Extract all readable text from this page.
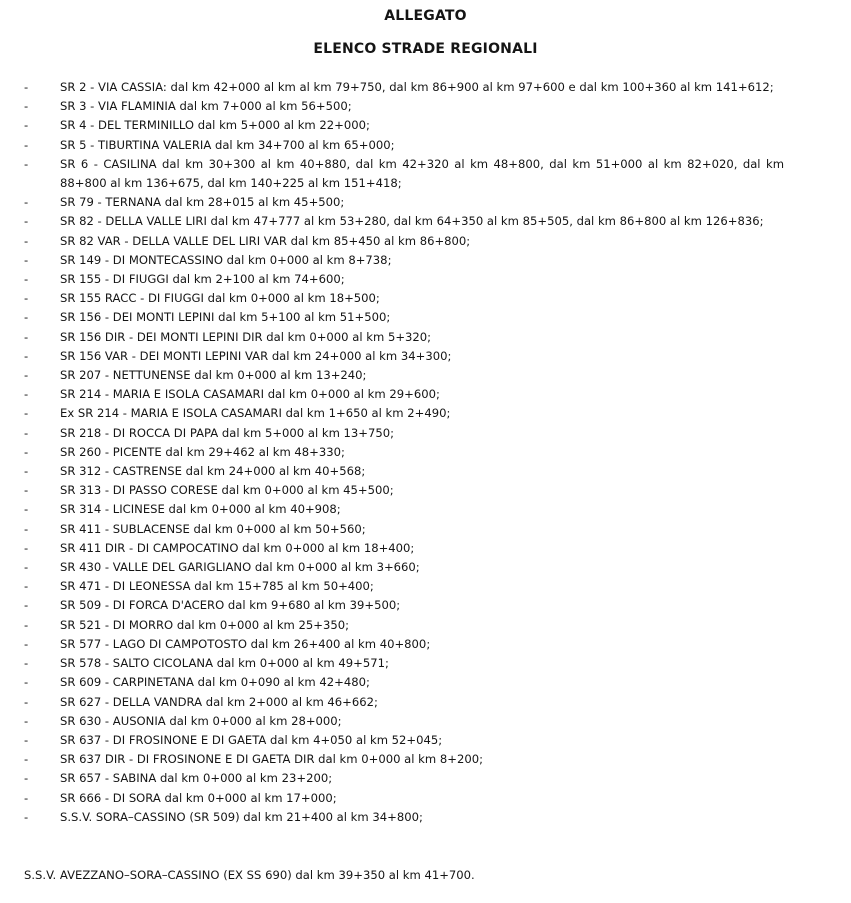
ALLEGATO
ELENCO STRADE REGIONALI
-	SR 2 - VIA CASSIA: dal km 42+000 al km al km 79+750, dal km 86+900 al km 97+600 e dal km 100+360 al km 141+612;
-	SR 3 - VIA FLAMINIA dal km 7+000 al km 56+500;
-	SR 4 - DEL TERMINILLO dal km 5+000 al km 22+000;
-	SR 5 - TIBURTINA VALERIA dal km 34+700 al km 65+000;
-	SR 6 - CASILINA dal km 30+300 al km 40+880, dal km 42+320 al km 48+800, dal km 51+000 al km 82+020, dal km 88+800 al km 136+675, dal km 140+225 al km 151+418;
-	SR 79 - TERNANA dal km 28+015 al km 45+500;
-	SR 82 - DELLA VALLE LIRI dal km 47+777 al km 53+280, dal km 64+350 al km 85+505, dal km 86+800 al km 126+836;
-	SR 82 VAR - DELLA VALLE DEL LIRI VAR dal km 85+450 al km 86+800;
-	SR 149 - DI MONTECASSINO dal km 0+000 al km 8+738;
-	SR 155 - DI FIUGGI dal km 2+100 al km 74+600;
-	SR 155 RACC - DI FIUGGI dal km 0+000 al km 18+500;
-	SR 156 - DEI MONTI LEPINI dal km 5+100 al km 51+500;
-	SR 156 DIR - DEI MONTI LEPINI DIR dal km 0+000 al km 5+320;
-	SR 156 VAR - DEI MONTI LEPINI VAR dal km 24+000 al km 34+300;
-	SR 207 - NETTUNENSE dal km 0+000 al km 13+240;
-	SR 214 - MARIA E ISOLA CASAMARI dal km 0+000 al km 29+600;
-	Ex SR 214 - MARIA E ISOLA CASAMARI dal km 1+650 al km 2+490;
-	SR 218 - DI ROCCA DI PAPA dal km 5+000 al km 13+750;
-	SR 260 - PICENTE dal km 29+462 al km 48+330;
-	SR 312 - CASTRENSE dal km 24+000 al km 40+568;
-	SR 313 - DI PASSO CORESE dal km 0+000 al km 45+500;
-	SR 314 - LICINESE dal km 0+000 al km 40+908;
-	SR 411 - SUBLACENSE dal km 0+000 al km 50+560;
-	SR 411 DIR - DI CAMPOCATINO dal km 0+000 al km 18+400;
-	SR 430 - VALLE DEL GARIGLIANO dal km 0+000 al km 3+660;
-	SR 471 - DI LEONESSA dal km 15+785 al km 50+400;
-	SR 509 - DI FORCA D'ACERO dal km 9+680 al km 39+500;
-	SR 521 - DI MORRO dal km 0+000 al km 25+350;
-	SR 577 - LAGO DI CAMPOTOSTO dal km 26+400 al km 40+800;
-	SR 578 - SALTO CICOLANA dal km 0+000 al km 49+571;
-	SR 609 - CARPINETANA dal km 0+090 al km 42+480;
-	SR 627 - DELLA VANDRA dal km 2+000 al km 46+662;
-	SR 630 - AUSONIA dal km 0+000 al km 28+000;
-	SR 637 - DI FROSINONE E DI GAETA dal km 4+050 al km 52+045;
-	SR 637 DIR - DI FROSINONE E DI GAETA DIR dal km 0+000 al km 8+200;
-	SR 657 - SABINA dal km 0+000 al km 23+200;
-	SR 666 - DI SORA dal km 0+000 al km 17+000;
-	S.S.V. SORA–CASSINO (SR 509) dal km 21+400 al km 34+800;
S.S.V. AVEZZANO–SORA–CASSINO (EX SS 690) dal km 39+350 al km 41+700.
